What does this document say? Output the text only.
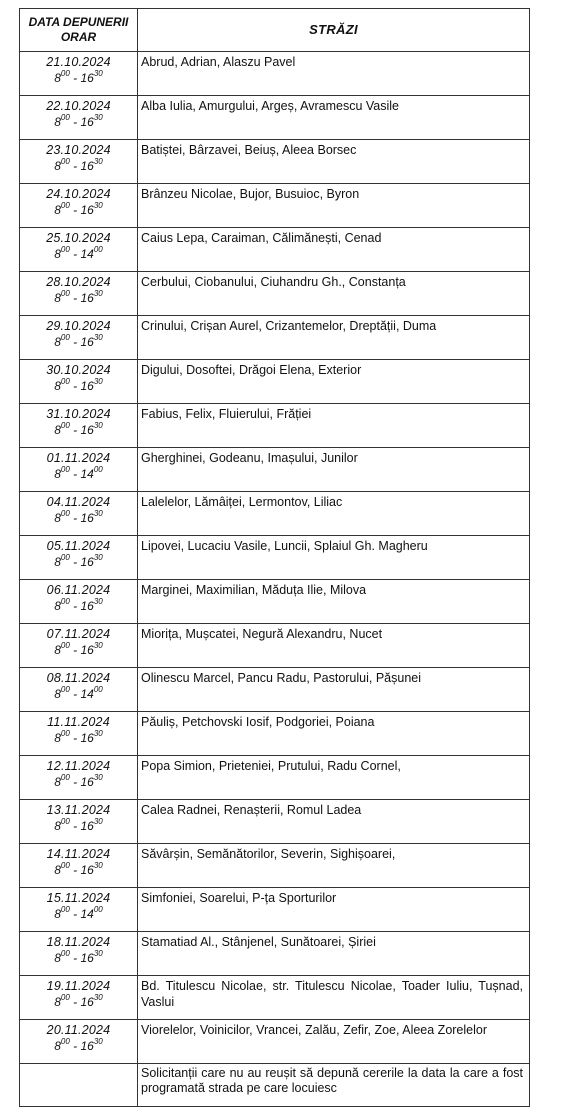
DATA DEPUNERII ORAR	STRĂZI

21.10.2024
$8^{00} - 16^{30}$	Abrud, Adrian, Alaszu Pavel

22.10.2024
$8^{00} - 16^{30}$	Alba Iulia, Amurgului, Argeș, Avramescu Vasile

23.10.2024
$8^{00} - 16^{30}$	Batiștei, Bârzavei, Beiuș, Aleea Borsec

24.10.2024
$8^{00} - 16^{30}$	Brânzeu Nicolae, Bujor, Busuioc, Byron

25.10.2024
$8^{00} - 14^{00}$	Caius Lepa, Caraiman, Călimănești, Cenad

28.10.2024
$8^{00} - 16^{30}$	Cerbului, Ciobanului, Ciuhandru Gh., Constanța

29.10.2024
$8^{00} - 16^{30}$	Crinului, Crișan Aurel, Crizantemelor, Dreptății, Duma

30.10.2024
$8^{00} - 16^{30}$	Digului, Dosoftei, Drăgoi Elena, Exterior

31.10.2024
$8^{00} - 16^{30}$	Fabius, Felix, Fluierului, Frăției

01.11.2024
$8^{00} - 14^{00}$	Gherghinei, Godeanu, Imașului, Junilor

04.11.2024
$8^{00} - 16^{30}$	Lalelelor, Lămâiței, Lermontov, Liliac

05.11.2024
$8^{00} - 16^{30}$	Lipovei, Lucaciu Vasile, Luncii, Splaiul Gh. Magheru

06.11.2024
$8^{00} - 16^{30}$	Marginei, Maximilian, Măduța Ilie, Milova

07.11.2024
$8^{00} - 16^{30}$	Miorița, Mușcatei, Negură Alexandru, Nucet

08.11.2024
$8^{00} - 14^{00}$	Olinescu Marcel, Pancu Radu, Pastorului, Pășunei

11.11.2024
$8^{00} - 16^{30}$	Păuliș, Petchovski Iosif, Podgoriei, Poiana

12.11.2024
$8^{00} - 16^{30}$	Popa Simion, Prieteniei, Prutului, Radu Cornel,

13.11.2024
$8^{00} - 16^{30}$	Calea Radnei, Renașterii, Romul Ladea

14.11.2024
$8^{00} - 16^{30}$	Săvârșin, Semănătorilor, Severin, Sighișoarei,

15.11.2024
$8^{00} - 14^{00}$	Simfoniei, Soarelui, P-ța Sporturilor

18.11.2024
$8^{00} - 16^{30}$	Stamatiad Al., Stânjenel, Sunătoarei, Șiriei

19.11.2024
$8^{00} - 16^{30}$	Bd. Titulescu Nicolae, str. Titulescu Nicolae, Toader Iuliu, Tușnad, Vaslui

20.11.2024
$8^{00} - 16^{30}$	Viorelelor, Voinicilor, Vrancei, Zalău, Zefir, Zoe, Aleea Zorelelor
	Solicitanții care nu au reușit să depună cererile la data la care a fost programată strada pe care locuiesc
